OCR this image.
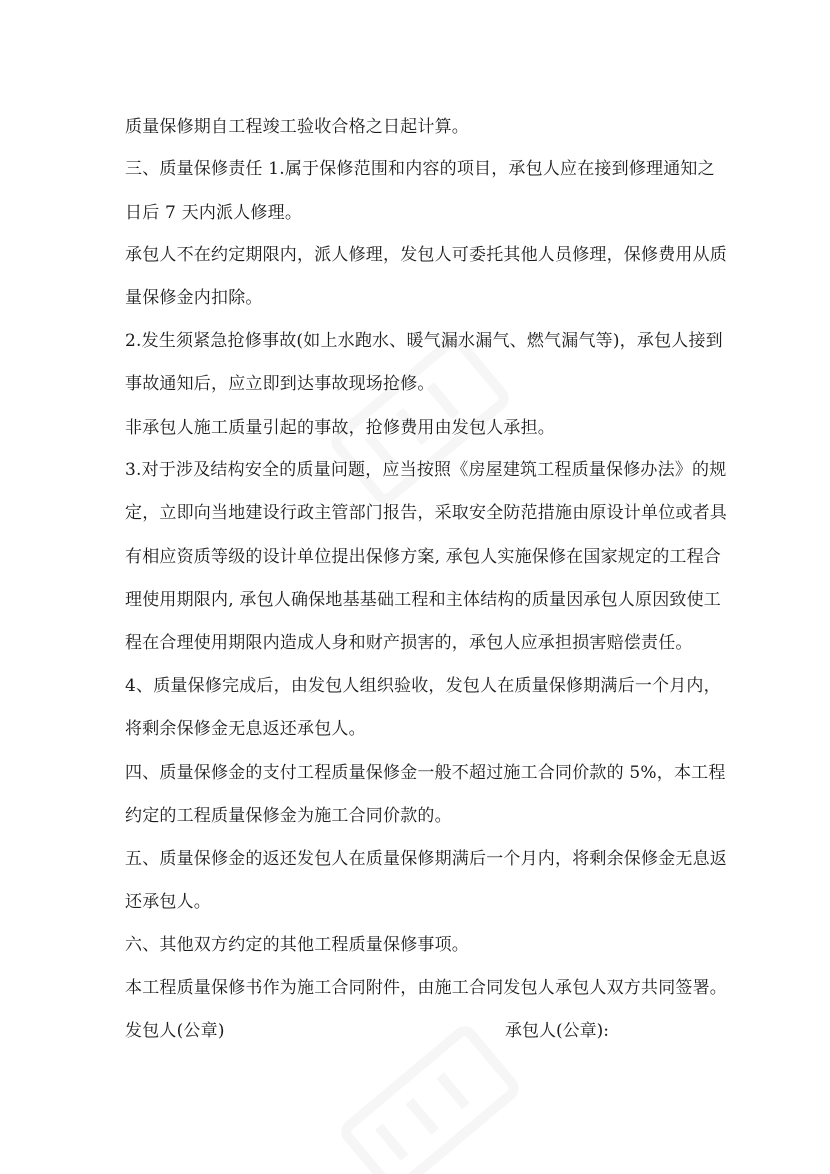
质量保修期自工程竣工验收合格之日起计算。
三、质量保修责任 1.属于保修范围和内容的项目，承包人应在接到修理通知之
日后 7 天内派人修理。
承包人不在约定期限内，派人修理，发包人可委托其他人员修理，保修费用从质
量保修金内扣除。
2.发生须紧急抢修事故(如上水跑水、暖气漏水漏气、燃气漏气等)，承包人接到
事故通知后，应立即到达事故现场抢修。
非承包人施工质量引起的事故，抢修费用由发包人承担。
3.对于涉及结构安全的质量问题，应当按照《房屋建筑工程质量保修办法》的规
定，立即向当地建设行政主管部门报告，采取安全防范措施由原设计单位或者具
有相应资质等级的设计单位提出保修方案, 承包人实施保修在国家规定的工程合
理使用期限内, 承包人确保地基基础工程和主体结构的质量因承包人原因致使工
程在合理使用期限内造成人身和财产损害的，承包人应承担损害赔偿责任。
4、质量保修完成后，由发包人组织验收，发包人在质量保修期满后一个月内，
将剩余保修金无息返还承包人。
四、质量保修金的支付工程质量保修金一般不超过施工合同价款的 5%，本工程
约定的工程质量保修金为施工合同价款的。
五、质量保修金的返还发包人在质量保修期满后一个月内，将剩余保修金无息返
还承包人。
六、其他双方约定的其他工程质量保修事项。
本工程质量保修书作为施工合同附件，由施工合同发包人承包人双方共同签署。
发包人(公章)	承包人(公章):
